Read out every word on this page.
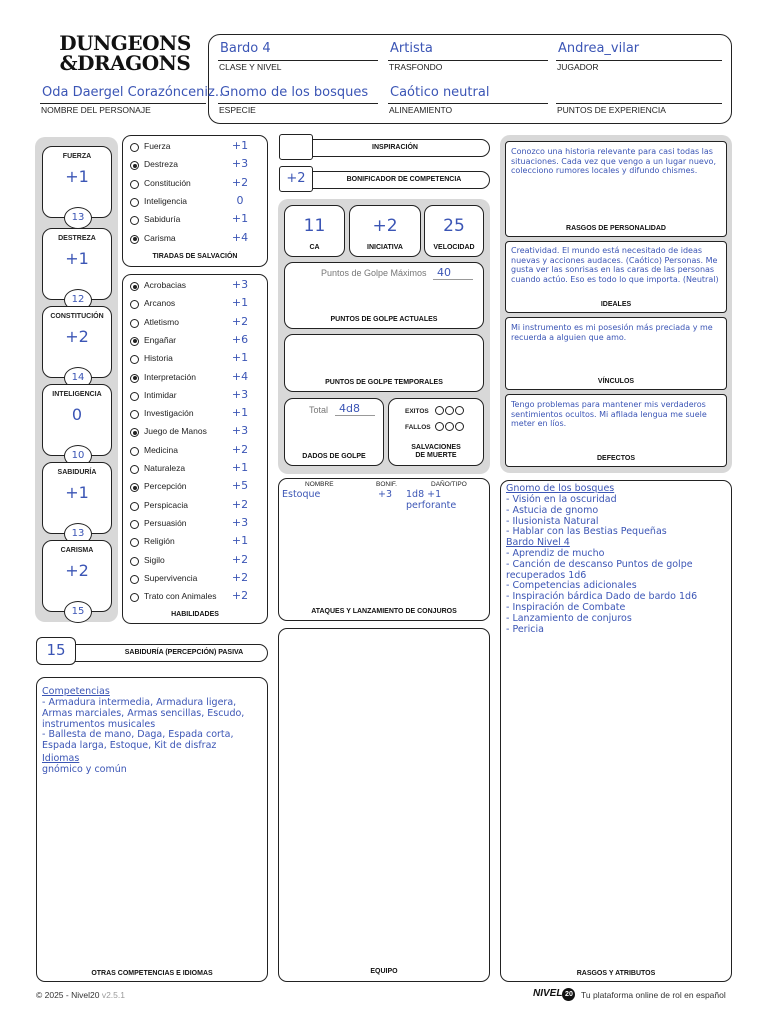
DUNGEONS
&DRAGONS
Bardo 4
CLASE Y NIVEL
Artista
TRASFONDO
Andrea_vilar
JUGADOR
Gnomo de los bosques
ESPECIE
Caótico neutral
ALINEAMIENTO	PUNTOS DE EXPERIENCIA
Oda Daergel Corazónceniz..
NOMBRE DEL PERSONAJE
FUERZA
+1
13
DESTREZA
+1
12
CONSTITUCIÓN
+2
14
INTELIGENCIA
0
10
SABIDURÍA
+1
13
CARISMA
+2
15
Fuerza	+1
Destreza	+3
Constitución	+2
Inteligencia	0
Sabiduría	+1
Carisma	+4
TIRADAS DE SALVACIÓN
Acrobacias	+3
Arcanos	+1
Atletismo	+2
Engañar	+6
Historia	+1
Interpretación	+4
Intimidar	+3
Investigación	+1
Juego de Manos	+3
Medicina	+2
Naturaleza	+1
Percepción	+5
Perspicacia	+2
Persuasión	+3
Religión	+1
Sigilo	+2
Supervivencia	+2
Trato con Animales	+2
HABILIDADES
SABIDURÍA (PERCEPCIÓN) PASIVA
15
Competencias
- Armadura intermedia, Armadura ligera,
Armas marciales, Armas sencillas, Escudo,
instrumentos musicales
- Ballesta de mano, Daga, Espada corta,
Espada larga, Estoque, Kit de disfraz
Idiomas
gnómico y común
OTRAS COMPETENCIAS E IDIOMAS
INSPIRACIÓN
BONIFICADOR DE COMPETENCIA
+2
11
CA
+2
INICIATIVA
25
VELOCIDAD
Puntos de Golpe Máximos 40
PUNTOS DE GOLPE ACTUALES
PUNTOS DE GOLPE TEMPORALES
Total 4d8
DADOS DE GOLPE
EXITOS
FALLOS
SALVACIONES
DE MUERTE
NOMBRE	BONIF.	DAÑO/TIPO
Estoque	+3 1d8 +1 perforante
ATAQUES Y LANZAMIENTO DE CONJUROS
EQUIPO
Conozco una historia relevante para casi todas las situaciones. Cada vez que vengo a un lugar nuevo, colecciono rumores locales y difundo chismes.
RASGOS DE PERSONALIDAD
Creatividad. El mundo está necesitado de ideas nuevas y acciones audaces. (Caótico) Personas. Me gusta ver las sonrisas en las caras de las personas cuando actúo. Eso es todo lo que importa. (Neutral)
IDEALES
Mi instrumento es mi posesión más preciada y me recuerda a alguien que amo.
VÍNCULOS
Tengo problemas para mantener mis verdaderos sentimientos ocultos. Mi afilada lengua me suele meter en líos.
DEFECTOS
Gnomo de los bosques
- Visión en la oscuridad
- Astucia de gnomo
- Ilusionista Natural
- Hablar con las Bestias Pequeñas
Bardo Nivel 4
- Aprendiz de mucho
- Canción de descanso Puntos de golpe
recuperados 1d6
- Competencias adicionales
- Inspiración bárdica Dado de bardo 1d6
- Inspiración de Combate
- Lanzamiento de conjuros
- Pericia
RASGOS Y ATRIBUTOS
© 2025 - Nivel20 v2.5.1	NIVEL 20 Tu plataforma online de rol en español
